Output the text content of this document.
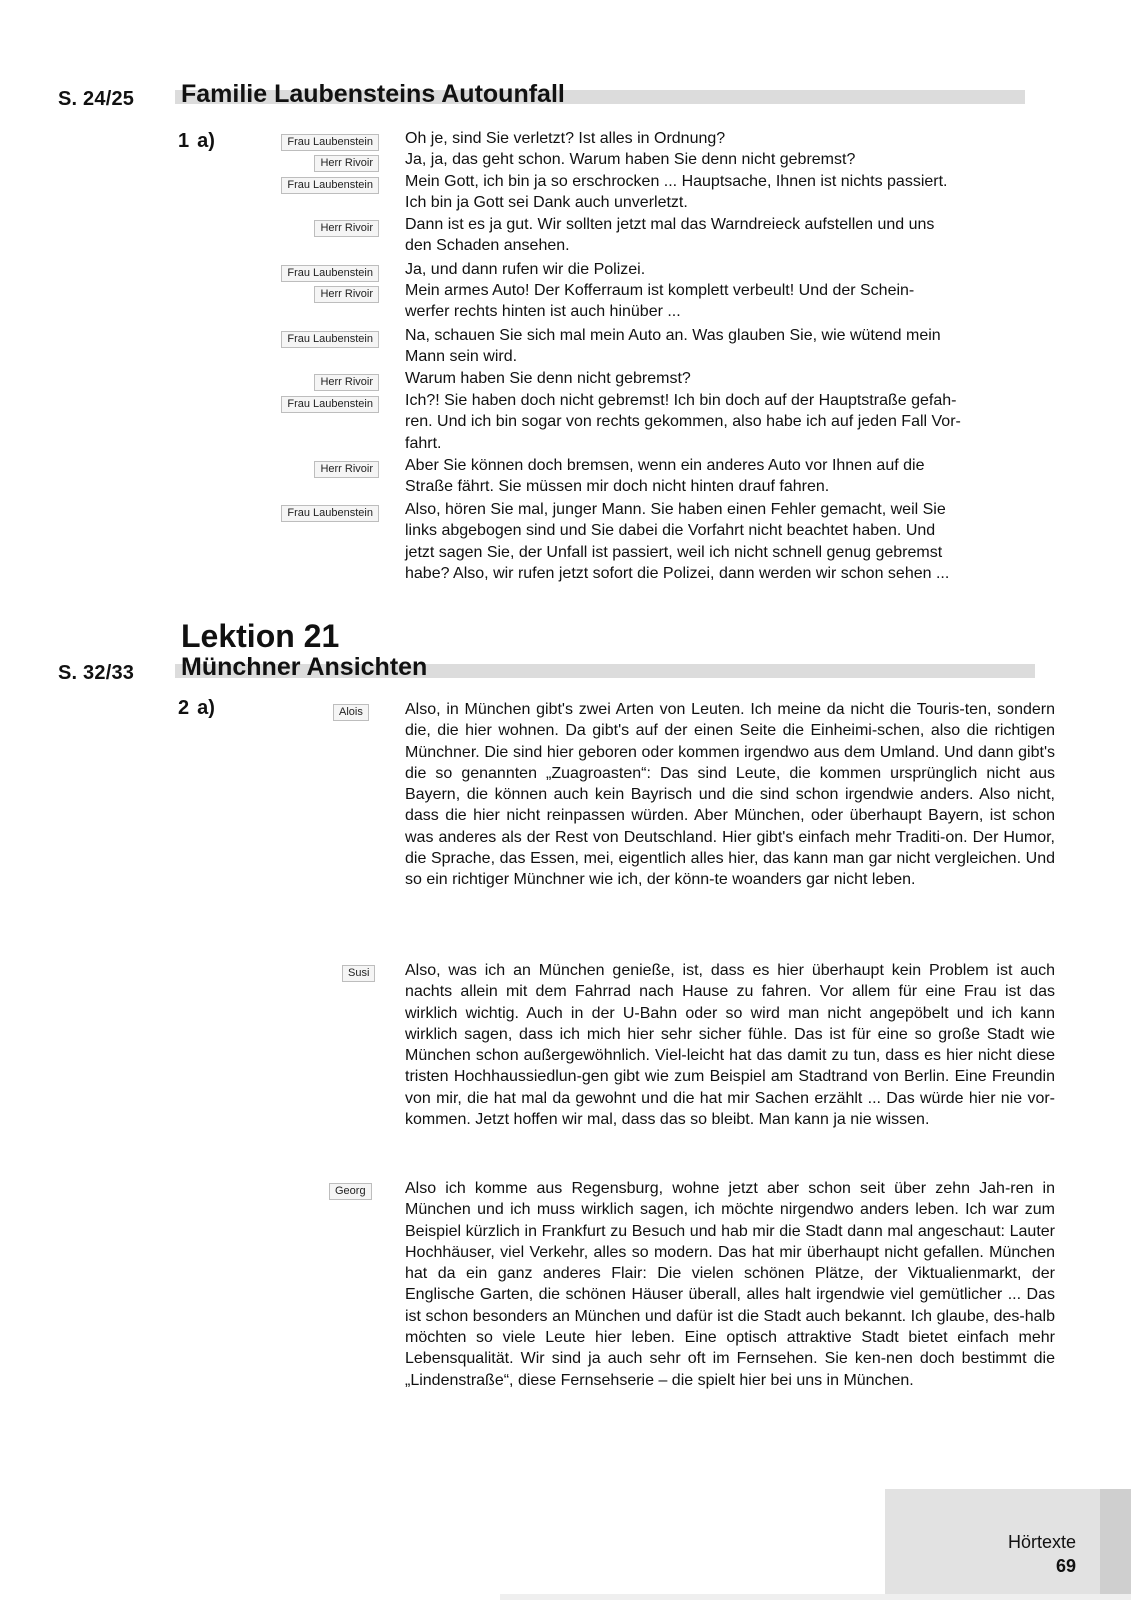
S. 24/25 Familie Laubensteins Autounfall
1 a)	Frau Laubenstein
Herr Rivoir
Frau Laubenstein
Herr Rivoir
Frau Laubenstein
Herr Rivoir
Frau Laubenstein
Herr Rivoir
Frau Laubenstein
Herr Rivoir
Frau Laubenstein
Oh je, sind Sie verletzt? Ist alles in Ordnung?
Ja, ja, das geht schon. Warum haben Sie denn nicht gebremst?
Mein Gott, ich bin ja so erschrocken ... Hauptsache, Ihnen ist nichts passiert.
Ich bin ja Gott sei Dank auch unverletzt.
Dann ist es ja gut. Wir sollten jetzt mal das Warndreieck aufstellen und uns
den Schaden ansehen.
Ja, und dann rufen wir die Polizei.
Mein armes Auto! Der Kofferraum ist komplett verbeult! Und der Schein-
werfer rechts hinten ist auch hinüber ...
Na, schauen Sie sich mal mein Auto an. Was glauben Sie, wie wütend mein
Mann sein wird.
Warum haben Sie denn nicht gebremst?
Ich?! Sie haben doch nicht gebremst! Ich bin doch auf der Hauptstraße gefah-
ren. Und ich bin sogar von rechts gekommen, also habe ich auf jeden Fall Vor-
fahrt.
Aber Sie können doch bremsen, wenn ein anderes Auto vor Ihnen auf die
Straße fährt. Sie müssen mir doch nicht hinten drauf fahren.
Also, hören Sie mal, junger Mann. Sie haben einen Fehler gemacht, weil Sie
links abgebogen sind und Sie dabei die Vorfahrt nicht beachtet haben. Und
jetzt sagen Sie, der Unfall ist passiert, weil ich nicht schnell genug gebremst
habe? Also, wir rufen jetzt sofort die Polizei, dann werden wir schon sehen ...
Lektion 21
S. 32/33 Münchner Ansichten
2 a)	Alois
Susi
Georg
Also, in München gibt's zwei Arten von Leuten. Ich meine da nicht die Touris-ten, sondern die, die hier wohnen. Da gibt's auf der einen Seite die Einheimi-schen, also die richtigen Münchner. Die sind hier geboren oder kommen irgendwo aus dem Umland. Und dann gibt's die so genannten „Zuagroasten“: Das sind Leute, die kommen ursprünglich nicht aus Bayern, die können auch kein Bayrisch und die sind schon irgendwie anders. Also nicht, dass die hier nicht reinpassen würden. Aber München, oder überhaupt Bayern, ist schon was anderes als der Rest von Deutschland. Hier gibt's einfach mehr Traditi-on. Der Humor, die Sprache, das Essen, mei, eigentlich alles hier, das kann man gar nicht vergleichen. Und so ein richtiger Münchner wie ich, der könn-te woanders gar nicht leben.
Also, was ich an München genieße, ist, dass es hier überhaupt kein Problem ist auch nachts allein mit dem Fahrrad nach Hause zu fahren. Vor allem für eine Frau ist das wirklich wichtig. Auch in der U-Bahn oder so wird man nicht angepöbelt und ich kann wirklich sagen, dass ich mich hier sehr sicher fühle. Das ist für eine so große Stadt wie München schon außergewöhnlich. Viel-leicht hat das damit zu tun, dass es hier nicht diese tristen Hochhaussiedlun-gen gibt wie zum Beispiel am Stadtrand von Berlin. Eine Freundin von mir, die hat mal da gewohnt und die hat mir Sachen erzählt ... Das würde hier nie vor-kommen. Jetzt hoffen wir mal, dass das so bleibt. Man kann ja nie wissen.
Also ich komme aus Regensburg, wohne jetzt aber schon seit über zehn Jah-ren in München und ich muss wirklich sagen, ich möchte nirgendwo anders leben. Ich war zum Beispiel kürzlich in Frankfurt zu Besuch und hab mir die Stadt dann mal angeschaut: Lauter Hochhäuser, viel Verkehr, alles so modern. Das hat mir überhaupt nicht gefallen. München hat da ein ganz anderes Flair: Die vielen schönen Plätze, der Viktualienmarkt, der Englische Garten, die schönen Häuser überall, alles halt irgendwie viel gemütlicher ... Das ist schon besonders an München und dafür ist die Stadt auch bekannt. Ich glaube, des-halb möchten so viele Leute hier leben. Eine optisch attraktive Stadt bietet einfach mehr Lebensqualität. Wir sind ja auch sehr oft im Fernsehen. Sie ken-nen doch bestimmt die „Lindenstraße“, diese Fernsehserie – die spielt hier bei uns in München.
Hörtexte
69
